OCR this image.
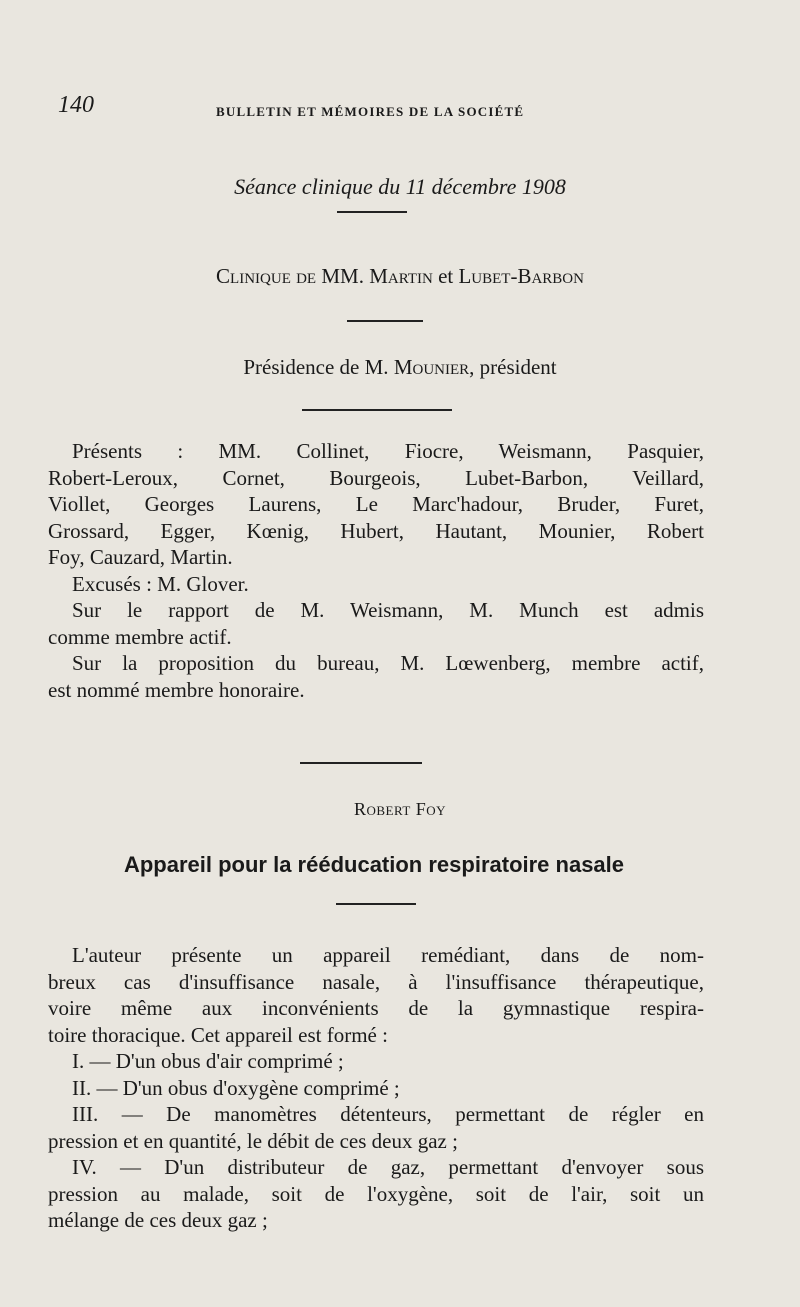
140	BULLETIN ET MÉMOIRES DE LA SOCIÉTÉ
Séance clinique du 11 décembre 1908
Clinique de MM. Martin et Lubet-Barbon
Présidence de M. Mounier, président
Présents : MM. Collinet, Fiocre, Weismann, Pasquier,
Robert-Leroux, Cornet, Bourgeois, Lubet-Barbon, Veillard,
Viollet, Georges Laurens, Le Marc'hadour, Bruder, Furet,
Grossard, Egger, Kœnig, Hubert, Hautant, Mounier, Robert
Foy, Cauzard, Martin.
Excusés : M. Glover.
Sur le rapport de M. Weismann, M. Munch est admis
comme membre actif.
Sur la proposition du bureau, M. Lœwenberg, membre actif,
est nommé membre honoraire.
Robert Foy
Appareil pour la rééducation respiratoire nasale
L'auteur présente un appareil remédiant, dans de nom-
breux cas d'insuffisance nasale, à l'insuffisance thérapeutique,
voire même aux inconvénients de la gymnastique respira-
toire thoracique. Cet appareil est formé :
I. — D'un obus d'air comprimé ;
II. — D'un obus d'oxygène comprimé ;
III. — De manomètres détenteurs, permettant de régler en
pression et en quantité, le débit de ces deux gaz ;
IV. — D'un distributeur de gaz, permettant d'envoyer sous
pression au malade, soit de l'oxygène, soit de l'air, soit un
mélange de ces deux gaz ;
